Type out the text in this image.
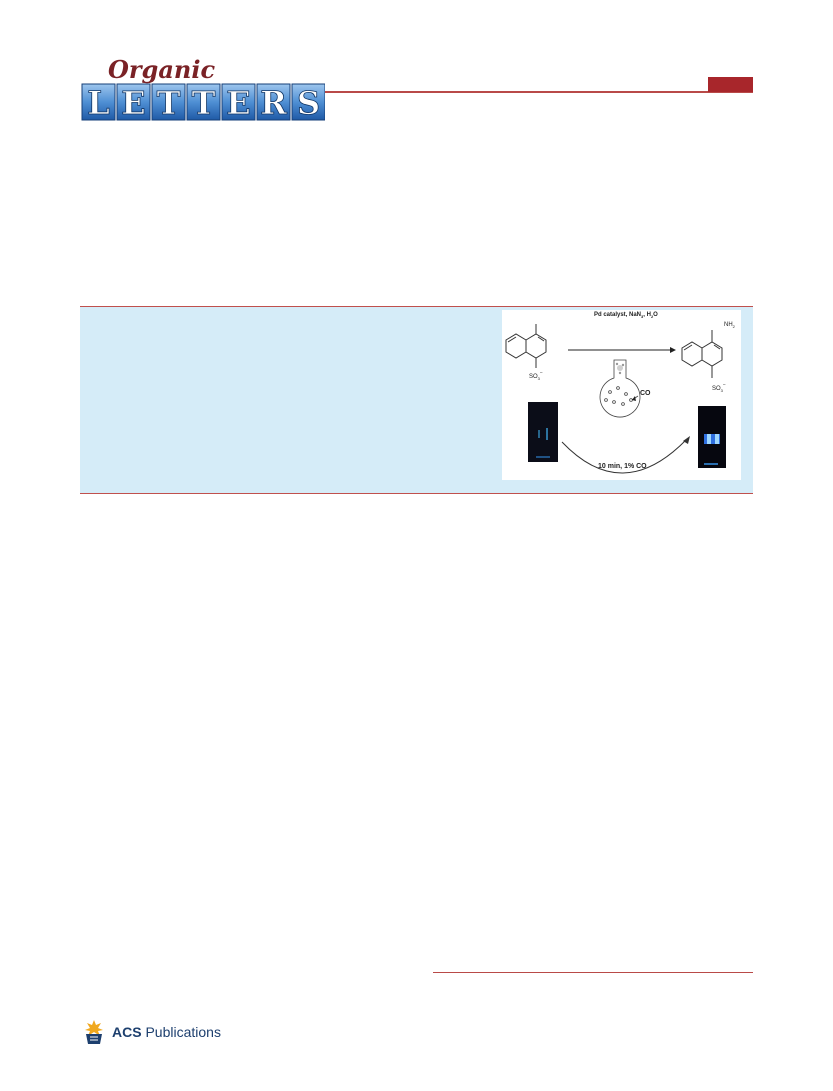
Organic
L E T T E R S
$SO_3^-$
Pd catalyst, NaN$_3$, $H_2O$
$NH_2$
$SO_3^-$
CO
10 min, 1% CO
ACS Publications
